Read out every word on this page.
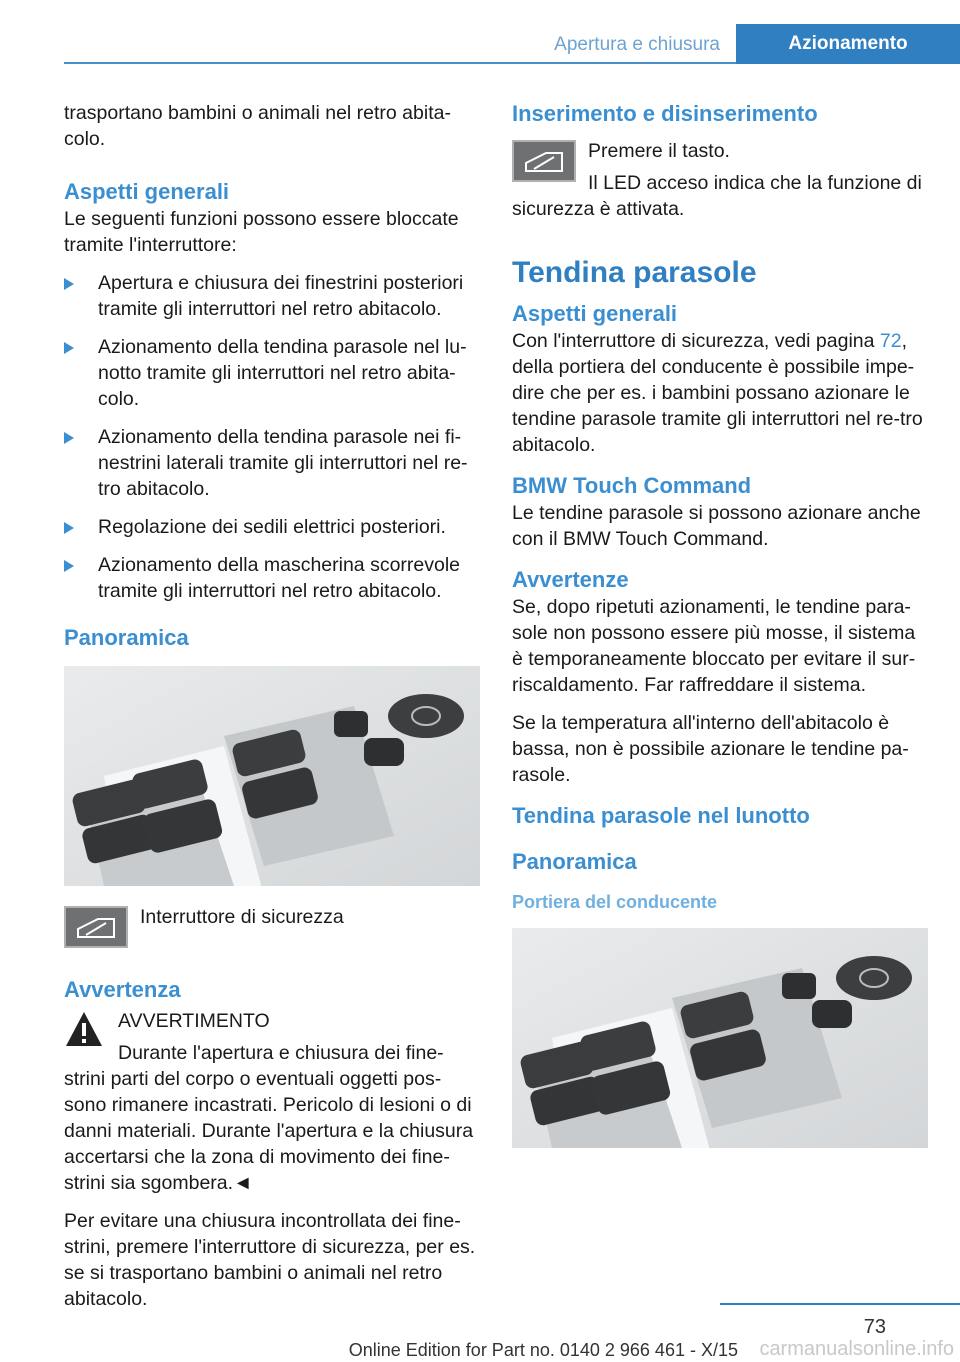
Apertura e chiusura	Azionamento

trasportano bambini o animali nel retro abita-colo.

Aspetti generali

Le seguenti funzioni possono essere bloccate tramite l'interruttore:

Apertura e chiusura dei finestrini posteriori tramite gli interruttori nel retro abitacolo.
Azionamento della tendina parasole nel lu-notto tramite gli interruttori nel retro abita-colo.
Azionamento della tendina parasole nei fi-nestrini laterali tramite gli interruttori nel re-tro abitacolo.
Regolazione dei sedili elettrici posteriori.
Azionamento della mascherina scorrevole tramite gli interruttori nel retro abitacolo.
Panoramica

Interruttore di sicurezza

Avvertenza

AVVERTIMENTO

Durante l'apertura e chiusura dei fine-strini parti del corpo o eventuali oggetti pos-sono rimanere incastrati. Pericolo di lesioni o di danni materiali. Durante l'apertura e la chiusura accertarsi che la zona di movimento dei fine-strini sia sgombera.◄

Per evitare una chiusura incontrollata dei fine-strini, premere l'interruttore di sicurezza, per es. se si trasportano bambini o animali nel retro abitacolo.

Inserimento e disinserimento

Premere il tasto.

Il LED acceso indica che la funzione di sicurezza è attivata.

Tendina parasole
Aspetti generali

Con l'interruttore di sicurezza, vedi pagina 72, della portiera del conducente è possibile impe-dire che per es. i bambini possano azionare le tendine parasole tramite gli interruttori nel re-tro abitacolo.

BMW Touch Command

Le tendine parasole si possono azionare anche con il BMW Touch Command.

Avvertenze

Se, dopo ripetuti azionamenti, le tendine para-sole non possono essere più mosse, il sistema è temporaneamente bloccato per evitare il sur-riscaldamento. Far raffreddare il sistema.

Se la temperatura all'interno dell'abitacolo è bassa, non è possibile azionare le tendine pa-rasole.

Tendina parasole nel lunotto
Panoramica
Portiera del conducente
73
Online Edition for Part no. 0140 2 966 461 - X/15 carmanualsonline.info
